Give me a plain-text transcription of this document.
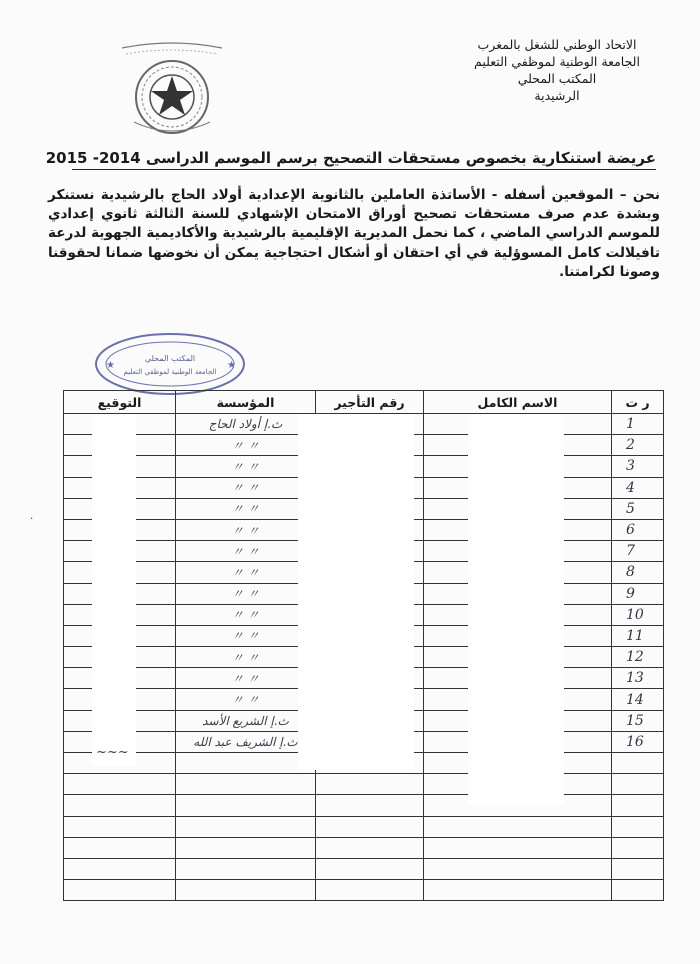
الاتحاد الوطني للشغل بالمغرب
الجامعة الوطنية لموظفي التعليم
المكتب المحلي
الرشيدية
عريضة استنكارية بخصوص مستحقات التصحيح برسم الموسم الدراسى 2014- 2015

نحن – الموقعين أسفله - الأساتذة العاملين بالثانوية الإعدادية أولاد الحاج بالرشيدية نستنكر وبشدة عدم صرف مستحقات تصحيح أوراق الامتحان الإشهادي للسنة الثالثة ثانوي إعدادي للموسم الدراسي الماضي ، كما نحمل المديرية الإقليمية بالرشيدية والأكاديمية الجهوية لدرعة تافيلالت كامل المسوؤلية في أي احتقان أو أشكال احتجاجية يمكن أن نخوضها ضمانا لحقوقنا وصونا لكرامتنا.

المكتب المحلي
الجامعة الوطنية لموظفي التعليم
★	★
ر ت	الاسم الكامل	رقم التأجير	المؤسسة	التوقيع
1			ث.إ أولاد الحاج	
2			〃 〃	
3			〃 〃	
4			〃 〃	
5			〃 〃	
6			〃 〃	
7			〃 〃	
8			〃 〃	
9			〃 〃	
10			〃 〃	
11			〃 〃	
12			〃 〃	
13			〃 〃	
14			〃 〃	
15			ث.إ الشريع الأسد	
16			ث.إ الشريف عبد الله	

~~~
·
